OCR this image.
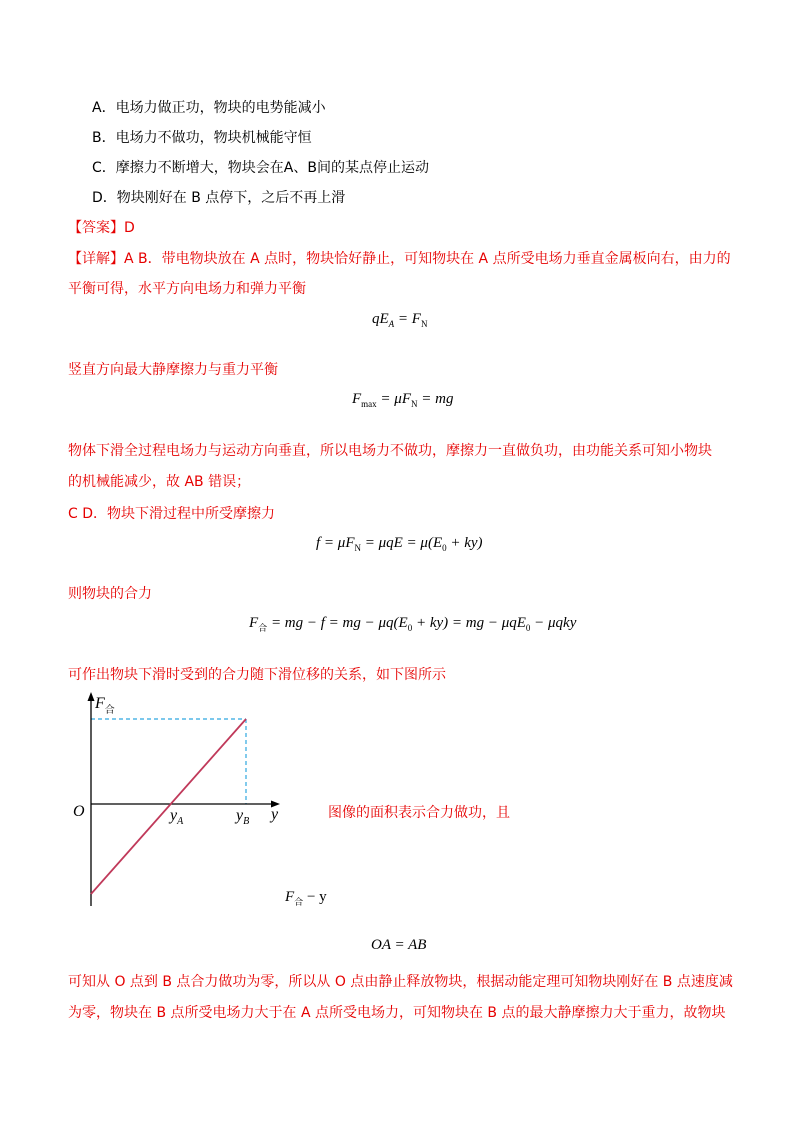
A．电场力做正功，物块的电势能减小
B．电场力不做功，物块机械能守恒
C．摩擦力不断增大，物块会在A、B间的某点停止运动
D．物块刚好在 B 点停下，之后不再上滑
【答案】D
【详解】A B．带电物块放在 A 点时，物块恰好静止，可知物块在 A 点所受电场力垂直金属板向右，由力的
平衡可得，水平方向电场力和弹力平衡
$qE_A = F_N$
竖直方向最大静摩擦力与重力平衡
$F_{max} = \mu F_N$ = mg
物体下滑全过程电场力与运动方向垂直，所以电场力不做功，摩擦力一直做负功，由功能关系可知小物块
的机械能减少，故 AB 错误；
C D．物块下滑过程中所受摩擦力
$f = \mu F_N = \mu qE = \mu(E_0 + ky)$
则物块的合力
$F_合$ = mg − f = mg − $\mu q(E_0 + ky)$ = mg − μqE$_0$ − μqky
可作出物块下滑时受到的合力随下滑位移的关系，如下图所示
$F_合$
O	y
$y_A$	$y_B$
图像的面积表示合力做功，且
$F_合 - y$
OA = AB
可知从 O 点到 B 点合力做功为零，所以从 O 点由静止释放物块，根据动能定理可知物块刚好在 B 点速度减
为零，物块在 B 点所受电场力大于在 A 点所受电场力，可知物块在 B 点的最大静摩擦力大于重力，故物块
